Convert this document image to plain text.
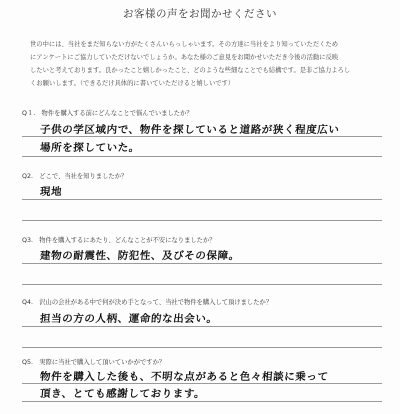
お客様の声をお聞かせください
世の中には、当社をまだ知らない方がたくさんいらっしゃいます。その方達に当社をより知っていただくため
にアンケートにご協力していただけないでしょうか。あなた様のご意見をお聞かせいただき今後の活動に反映
したいと考えております。良かったこと嬉しかったこと、どのような些細なことでも結構です。是非ご協力よろし
くお願いします。（できるだけ具体的に書いていただけると嬉しいです）
Q１.　物件を購入する前にどんなことで悩んでいましたか？
子供の学区域内で、物件を探していると道路が狭く程度広い
場所を探していた。
Q2.　どこで、当社を知りましたか？
現地
Q3.　物件を購入するにあたり、どんなことが不安になりましたか？
建物の耐震性、防犯性、及びその保障。
Q4.　沢山の会社がある中で何が決め手となって、当社で物件を購入して頂けましたか？
担当の方の人柄、運命的な出会い。
Q5.　実際に当社で購入して頂いていかがですか？
物件を購入した後も、不明な点があると色々相談に乗って
頂き、とても感謝しております。
